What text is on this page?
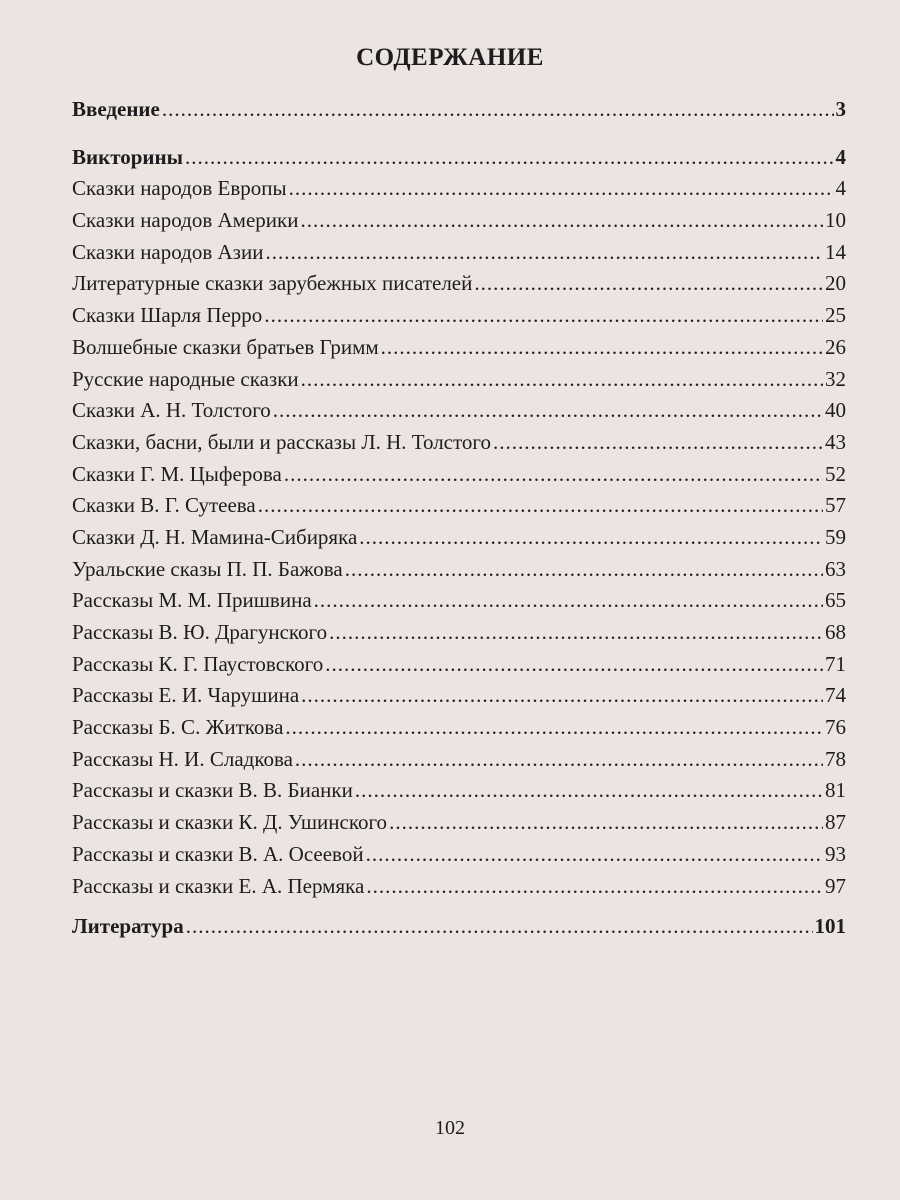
СОДЕРЖАНИЕ
Введение .....	3
Викторины .....	4
Сказки народов Европы .....	4
Сказки народов Америки .....	10
Сказки народов Азии .....	14
Литературные сказки зарубежных писателей .....	20
Сказки Шарля Перро .....	25
Волшебные сказки братьев Гримм .....	26
Русские народные сказки .....	32
Сказки А. Н. Толстого .....	40
Сказки, басни, были и рассказы Л. Н. Толстого .....	43
Сказки Г. М. Цыферова .....	52
Сказки В. Г. Сутеева .....	57
Сказки Д. Н. Мамина-Сибиряка .....	59
Уральские сказы П. П. Бажова .....	63
Рассказы М. М. Пришвина .....	65
Рассказы В. Ю. Драгунского .....	68
Рассказы К. Г. Паустовского .....	71
Рассказы Е. И. Чарушина .....	74
Рассказы Б. С. Житкова .....	76
Рассказы Н. И. Сладкова .....	78
Рассказы и сказки В. В. Бианки .....	81
Рассказы и сказки К. Д. Ушинского .....	87
Рассказы и сказки В. А. Осеевой .....	93
Рассказы и сказки Е. А. Пермяка .....	97
Литература .....	101
102
